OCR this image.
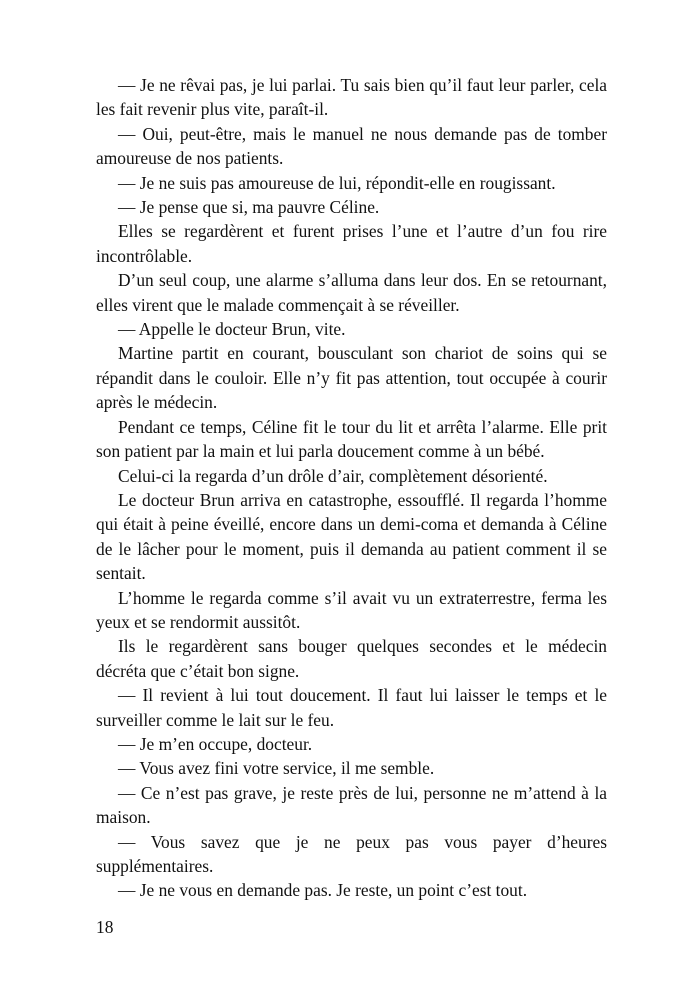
— Je ne rêvai pas, je lui parlai. Tu sais bien qu’il faut leur parler, cela les fait revenir plus vite, paraît-il.

— Oui, peut-être, mais le manuel ne nous demande pas de tomber amoureuse de nos patients.

— Je ne suis pas amoureuse de lui, répondit-elle en rougissant.

— Je pense que si, ma pauvre Céline.

Elles se regardèrent et furent prises l’une et l’autre d’un fou rire incontrôlable.

D’un seul coup, une alarme s’alluma dans leur dos. En se retournant, elles virent que le malade commençait à se réveiller.

— Appelle le docteur Brun, vite.

Martine partit en courant, bousculant son chariot de soins qui se répandit dans le couloir. Elle n’y fit pas attention, tout occupée à courir après le médecin.

Pendant ce temps, Céline fit le tour du lit et arrêta l’alarme. Elle prit son patient par la main et lui parla doucement comme à un bébé.

Celui-ci la regarda d’un drôle d’air, complètement désorienté.

Le docteur Brun arriva en catastrophe, essoufflé. Il regarda l’homme qui était à peine éveillé, encore dans un demi-coma et demanda à Céline de le lâcher pour le moment, puis il demanda au patient comment il se sentait.

L’homme le regarda comme s’il avait vu un extraterrestre, ferma les yeux et se rendormit aussitôt.

Ils le regardèrent sans bouger quelques secondes et le médecin décréta que c’était bon signe.

— Il revient à lui tout doucement. Il faut lui laisser le temps et le surveiller comme le lait sur le feu.

— Je m’en occupe, docteur.

— Vous avez fini votre service, il me semble.

— Ce n’est pas grave, je reste près de lui, personne ne m’attend à la maison.

— Vous savez que je ne peux pas vous payer d’heures supplémentaires.

— Je ne vous en demande pas. Je reste, un point c’est tout.

18
